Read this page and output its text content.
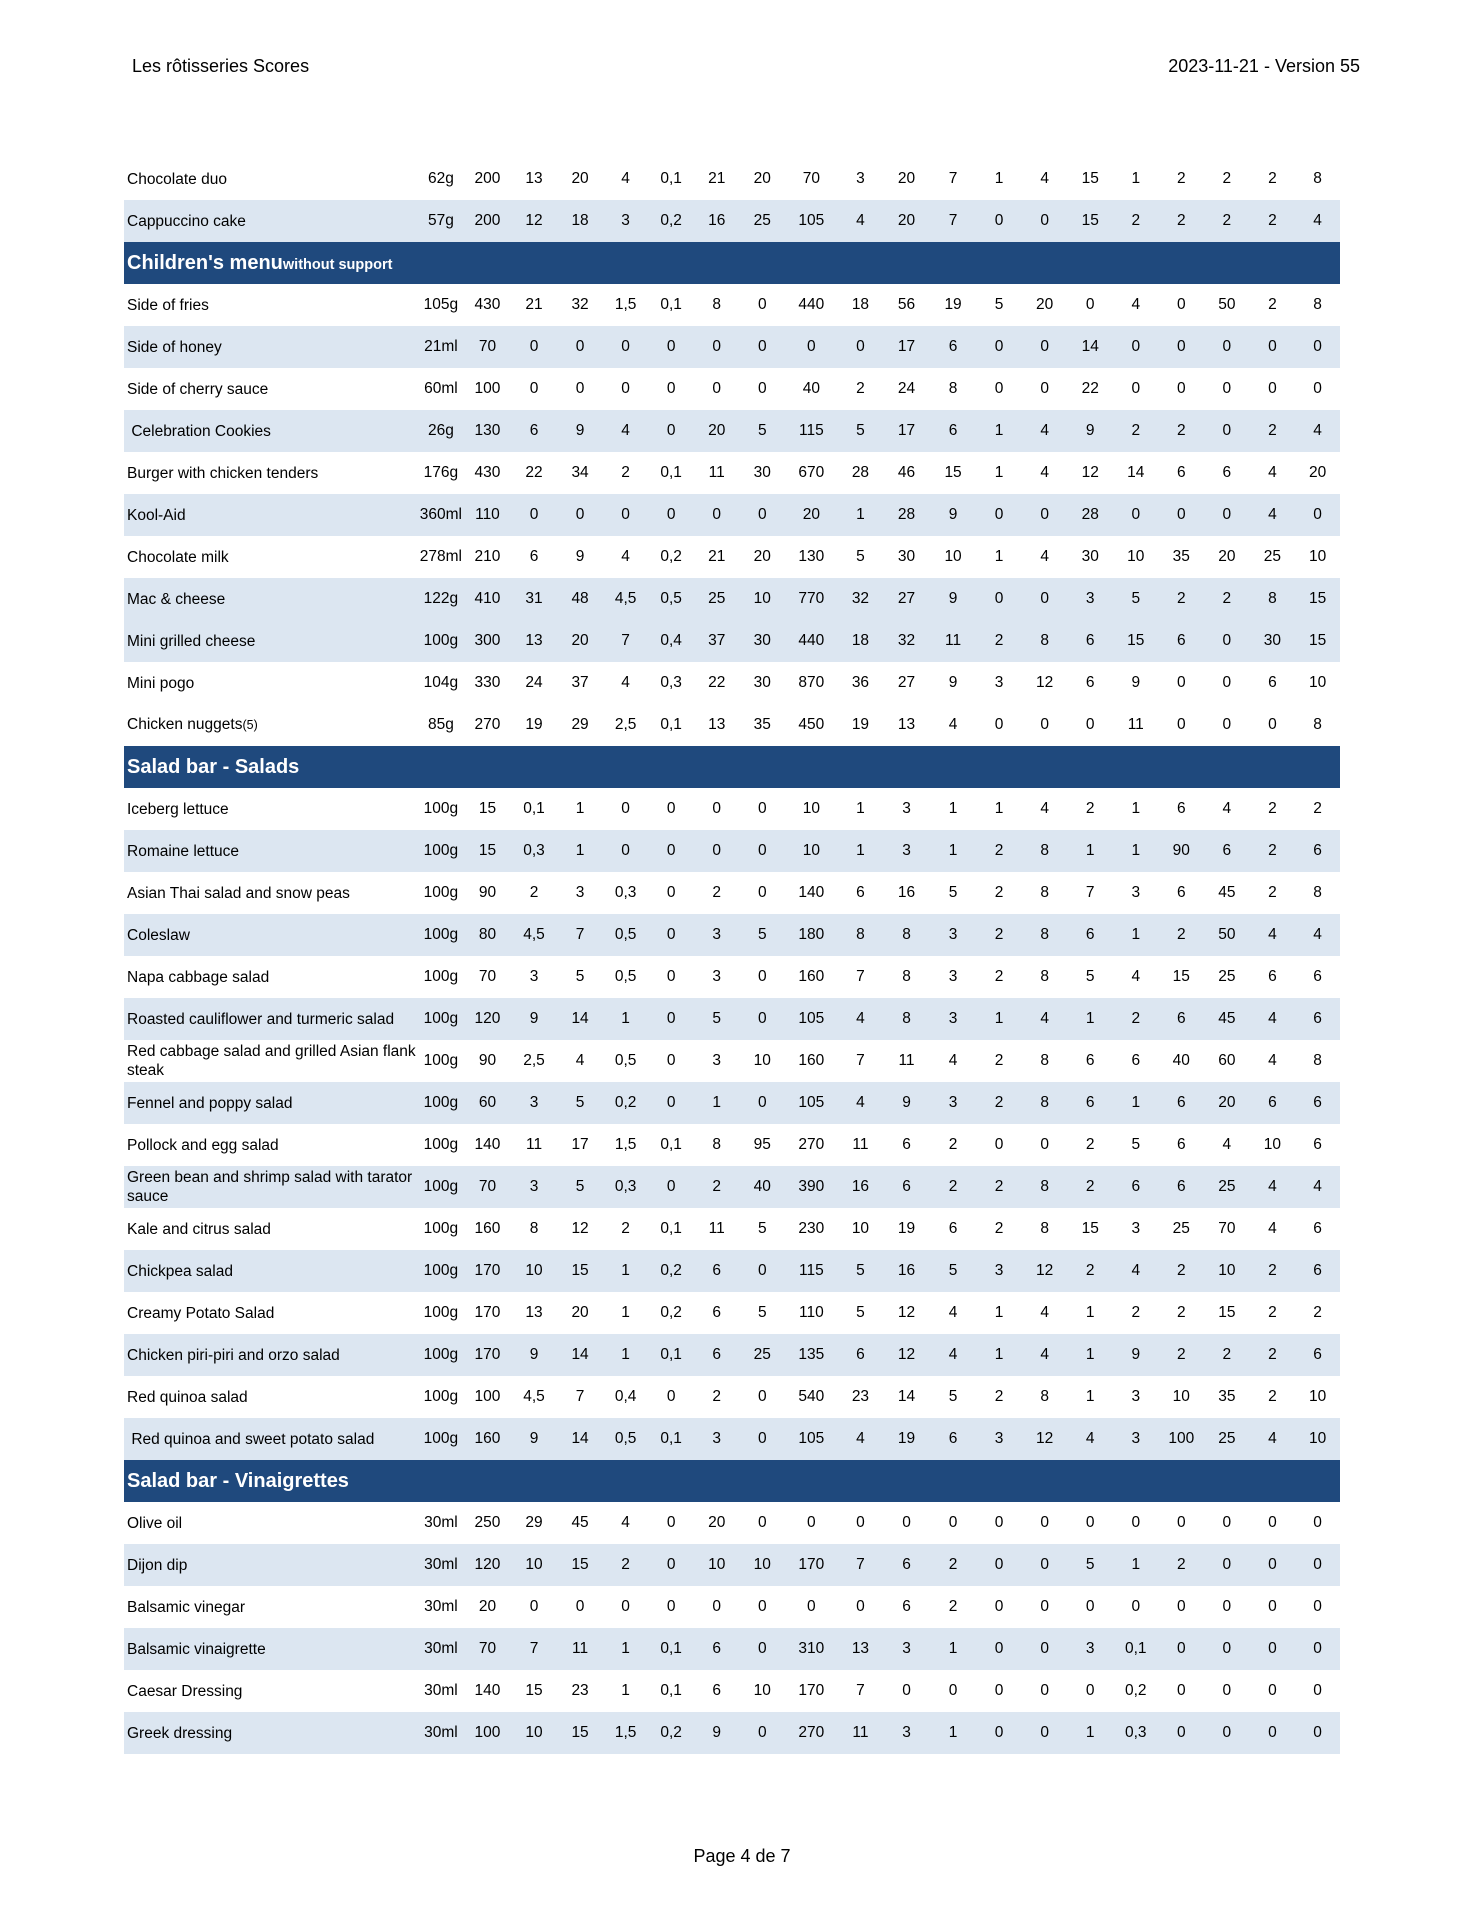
Les rôtisseries Scores	2023-11-21 - Version 55
Chocolate duo	62g	200	13	20	4	0,1	21	20	70	3	20	7	1	4	15	1	2	2	2	8
Cappuccino cake	57g	200	12	18	3	0,2	16	25	105	4	20	7	0	0	15	2	2	2	2	4
Children's menuwithout support																				
Side of fries	105g	430	21	32	1,5	0,1	8	0	440	18	56	19	5	20	0	4	0	50	2	8
Side of honey	21ml	70	0	0	0	0	0	0	0	0	17	6	0	0	14	0	0	0	0	0
Side of cherry sauce	60ml	100	0	0	0	0	0	0	40	2	24	8	0	0	22	0	0	0	0	0
Celebration Cookies	26g	130	6	9	4	0	20	5	115	5	17	6	1	4	9	2	2	0	2	4
Burger with chicken tenders	176g	430	22	34	2	0,1	11	30	670	28	46	15	1	4	12	14	6	6	4	20
Kool-Aid	360ml	110	0	0	0	0	0	0	20	1	28	9	0	0	28	0	0	0	4	0
Chocolate milk	278ml	210	6	9	4	0,2	21	20	130	5	30	10	1	4	30	10	35	20	25	10
Mac & cheese	122g	410	31	48	4,5	0,5	25	10	770	32	27	9	0	0	3	5	2	2	8	15
Mini grilled cheese	100g	300	13	20	7	0,4	37	30	440	18	32	11	2	8	6	15	6	0	30	15
Mini pogo	104g	330	24	37	4	0,3	22	30	870	36	27	9	3	12	6	9	0	0	6	10
Chicken nuggets(5)	85g	270	19	29	2,5	0,1	13	35	450	19	13	4	0	0	0	11	0	0	0	8
Salad bar - Salads																				
Iceberg lettuce	100g	15	0,1	1	0	0	0	0	10	1	3	1	1	4	2	1	6	4	2	2
Romaine lettuce	100g	15	0,3	1	0	0	0	0	10	1	3	1	2	8	1	1	90	6	2	6
Asian Thai salad and snow peas	100g	90	2	3	0,3	0	2	0	140	6	16	5	2	8	7	3	6	45	2	8
Coleslaw	100g	80	4,5	7	0,5	0	3	5	180	8	8	3	2	8	6	1	2	50	4	4
Napa cabbage salad	100g	70	3	5	0,5	0	3	0	160	7	8	3	2	8	5	4	15	25	6	6
Roasted cauliflower and turmeric salad	100g	120	9	14	1	0	5	0	105	4	8	3	1	4	1	2	6	45	4	6
Red cabbage salad and grilled Asian flank steak	100g	90	2,5	4	0,5	0	3	10	160	7	11	4	2	8	6	6	40	60	4	8
Fennel and poppy salad	100g	60	3	5	0,2	0	1	0	105	4	9	3	2	8	6	1	6	20	6	6
Pollock and egg salad	100g	140	11	17	1,5	0,1	8	95	270	11	6	2	0	0	2	5	6	4	10	6
Green bean and shrimp salad with tarator sauce	100g	70	3	5	0,3	0	2	40	390	16	6	2	2	8	2	6	6	25	4	4
Kale and citrus salad	100g	160	8	12	2	0,1	11	5	230	10	19	6	2	8	15	3	25	70	4	6
Chickpea salad	100g	170	10	15	1	0,2	6	0	115	5	16	5	3	12	2	4	2	10	2	6
Creamy Potato Salad	100g	170	13	20	1	0,2	6	5	110	5	12	4	1	4	1	2	2	15	2	2
Chicken piri-piri and orzo salad	100g	170	9	14	1	0,1	6	25	135	6	12	4	1	4	1	9	2	2	2	6
Red quinoa salad	100g	100	4,5	7	0,4	0	2	0	540	23	14	5	2	8	1	3	10	35	2	10
Red quinoa and sweet potato salad	100g	160	9	14	0,5	0,1	3	0	105	4	19	6	3	12	4	3	100	25	4	10
Salad bar - Vinaigrettes																				
Olive oil	30ml	250	29	45	4	0	20	0	0	0	0	0	0	0	0	0	0	0	0	0
Dijon dip	30ml	120	10	15	2	0	10	10	170	7	6	2	0	0	5	1	2	0	0	0
Balsamic vinegar	30ml	20	0	0	0	0	0	0	0	0	6	2	0	0	0	0	0	0	0	0
Balsamic vinaigrette	30ml	70	7	11	1	0,1	6	0	310	13	3	1	0	0	3	0,1	0	0	0	0
Caesar Dressing	30ml	140	15	23	1	0,1	6	10	170	7	0	0	0	0	0	0,2	0	0	0	0
Greek dressing	30ml	100	10	15	1,5	0,2	9	0	270	11	3	1	0	0	1	0,3	0	0	0	0
Page 4 de 7
